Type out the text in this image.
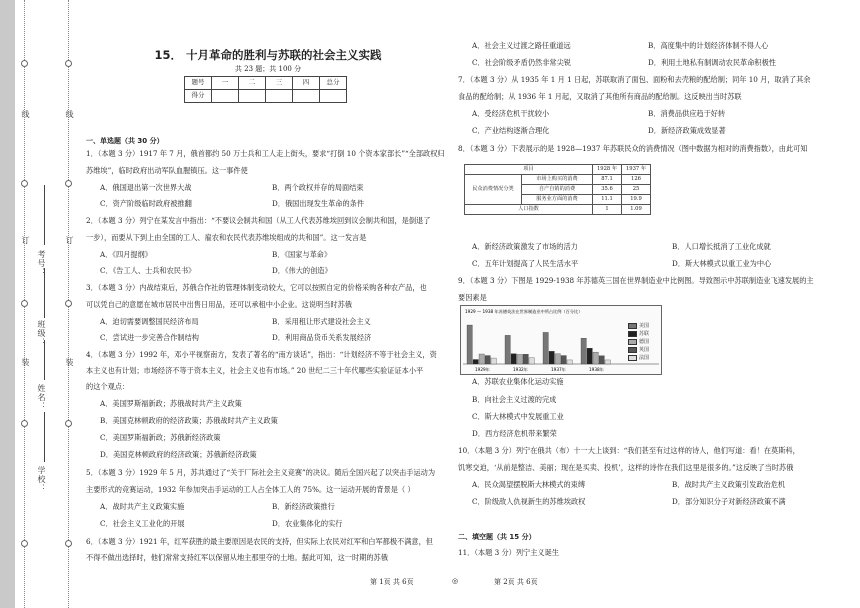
考号：
班级：
姓名：
学校：
线
订
装
线
订
装
15． 十月革命的胜利与苏联的社会主义实践
共 23 题；共 100 分
题号	一	二	三	四	总分
得分					
一、单选题（共 30 分）
1．（本题 3 分）1917 年 7 月，俄首都约 50 万士兵和工人走上街头，要求“打倒 10 个资本家部长”“全部政权归
苏维埃”，临时政府出动军队血腥镇压。这一事件使
A．俄国退出第一次世界大战	B．两个政权并存的局面结束
C．资产阶级临时政府被推翻	D．俄国出现发生革命的条件
2．（本题 3 分）列宁在某发言中指出：“不要议会制共和国（从工人代表苏维埃回到议会制共和国，是倒退了
一步），而要从下到上由全国的工人、雇农和农民代表苏维埃组成的共和国”。这一发言是
A．《四月提纲》	B．《国家与革命》
C．《告工人、士兵和农民书》	D．《伟大的创造》
3．（本题 3 分）内战结束后，苏俄合作社的管理体制变动较大，它可以按照自定的价格采购各种农产品，也
可以凭自己的意愿在城市居民中出售日用品，还可以承租中小企业。这说明当时苏俄
A．迫切需要调整国民经济布局	B．采用租让形式建设社会主义
C．尝试进一步完善合作制结构	D．利用商品货币关系发展经济
4．（本题 3 分）1992 年，邓小平视察南方，发表了著名的“南方谈话”，指出：“计划经济不等于社会主义，资
本主义也有计划；市场经济不等于资本主义，社会主义也有市场。” 20 世纪二三十年代哪些实验证证本小平
的这个观点：
A．美国罗斯福新政；苏俄战时共产主义政策
B．美国克林顿政府的经济政策；苏俄战时共产主义政策
C．美国罗斯福新政；苏俄新经济政策
D．美国克林顿政府的经济政策；苏俄新经济政策
5．（本题 3 分）1929 年 5 月，苏共通过了“关于厂际社会主义竞赛”的决议。随后全国兴起了以突击手运动为
主要形式的竞赛运动，1932 年参加突击手运动的工人占全体工人的 75%。这一运动开展的背景是（ ）
A．战时共产主义政策实施	B．新经济政策推行
C．社会主义工业化的开展	D．农业集体化的实行
6．（本题 3 分）1921 年，红军获胜的最主要原因是农民的支持，但实际上农民对红军和白军都极不满意，但
不得不做出选择时，他们常常支持红军以保留从地主那里夺的土地。据此可知，这一时期的苏俄
A．社会主义过渡之路任重道远	B．高度集中的计划经济体制不得人心
C．社会阶级矛盾仍然非常尖锐	D．利用土地私有制调动农民革命积极性
7．（本题 3 分）从 1935 年 1 月 1 日起，苏联取消了面包、面粉和去壳粮的配给制；同年 10 月，取消了其余
食品的配给制；从 1936 年 1 月起，又取消了其他所有商品的配给制。这反映出当时苏联
A．受经济危机干扰较小	B．消费品供应趋于好转
C．产业结构逐渐合理化	D．新经济政策成效显著
8．（本题 3 分）下表展示的是 1928—1937 年苏联民众的消费情况（图中数据为相对的消费指数），由此可知
项目		1928 年	1937 年
民众消费情况分类	市场上购买的消费	87.1	126
	自产自销的消费	35.6	25
	服务业方面的消费	11.1	19.9
人口指数		1	1.09
A．新经济政策激发了市场的活力	B．人口增长抵消了工业化成就
C．五年计划提高了人民生活水平	D．斯大林模式以重工业为中心
9．（本题 3 分）下图是 1929-1938 年苏德英三国在世界制造业中比例图。导致图示中苏联制造业飞速发展的主
要因素是
1929 — 1938 年苏德英法在世界制造业中所占比例（百分比）
1929年	1932年	1937年	1938年
美国
苏联
德国
英国
法国
A．苏联农业集体化运动实施
B．向社会主义过渡的完成
C．斯大林模式中发展重工业
D．西方经济危机带来繁荣
10．（本题 3 分）列宁在俄共（布）十一大上谈到：“我们甚至有过这样的诗人，他们写道：看！在莫斯科，
饥寒交迫，‘从前是整洁、美丽；现在是买卖、投机’，这样的诗作在我们这里是很多的。”这反映了当时苏俄
A．民众渴望摆脱斯大林模式的束缚	B．战时共产主义政策引发政治危机
C．阶级敌人仇视新生的苏维埃政权	D．部分知识分子对新经济政策不满
二、填空题（共 15 分）
11．（本题 3 分）列宁主义诞生
第 1页 共 6页	◎	第 2页 共 6页
